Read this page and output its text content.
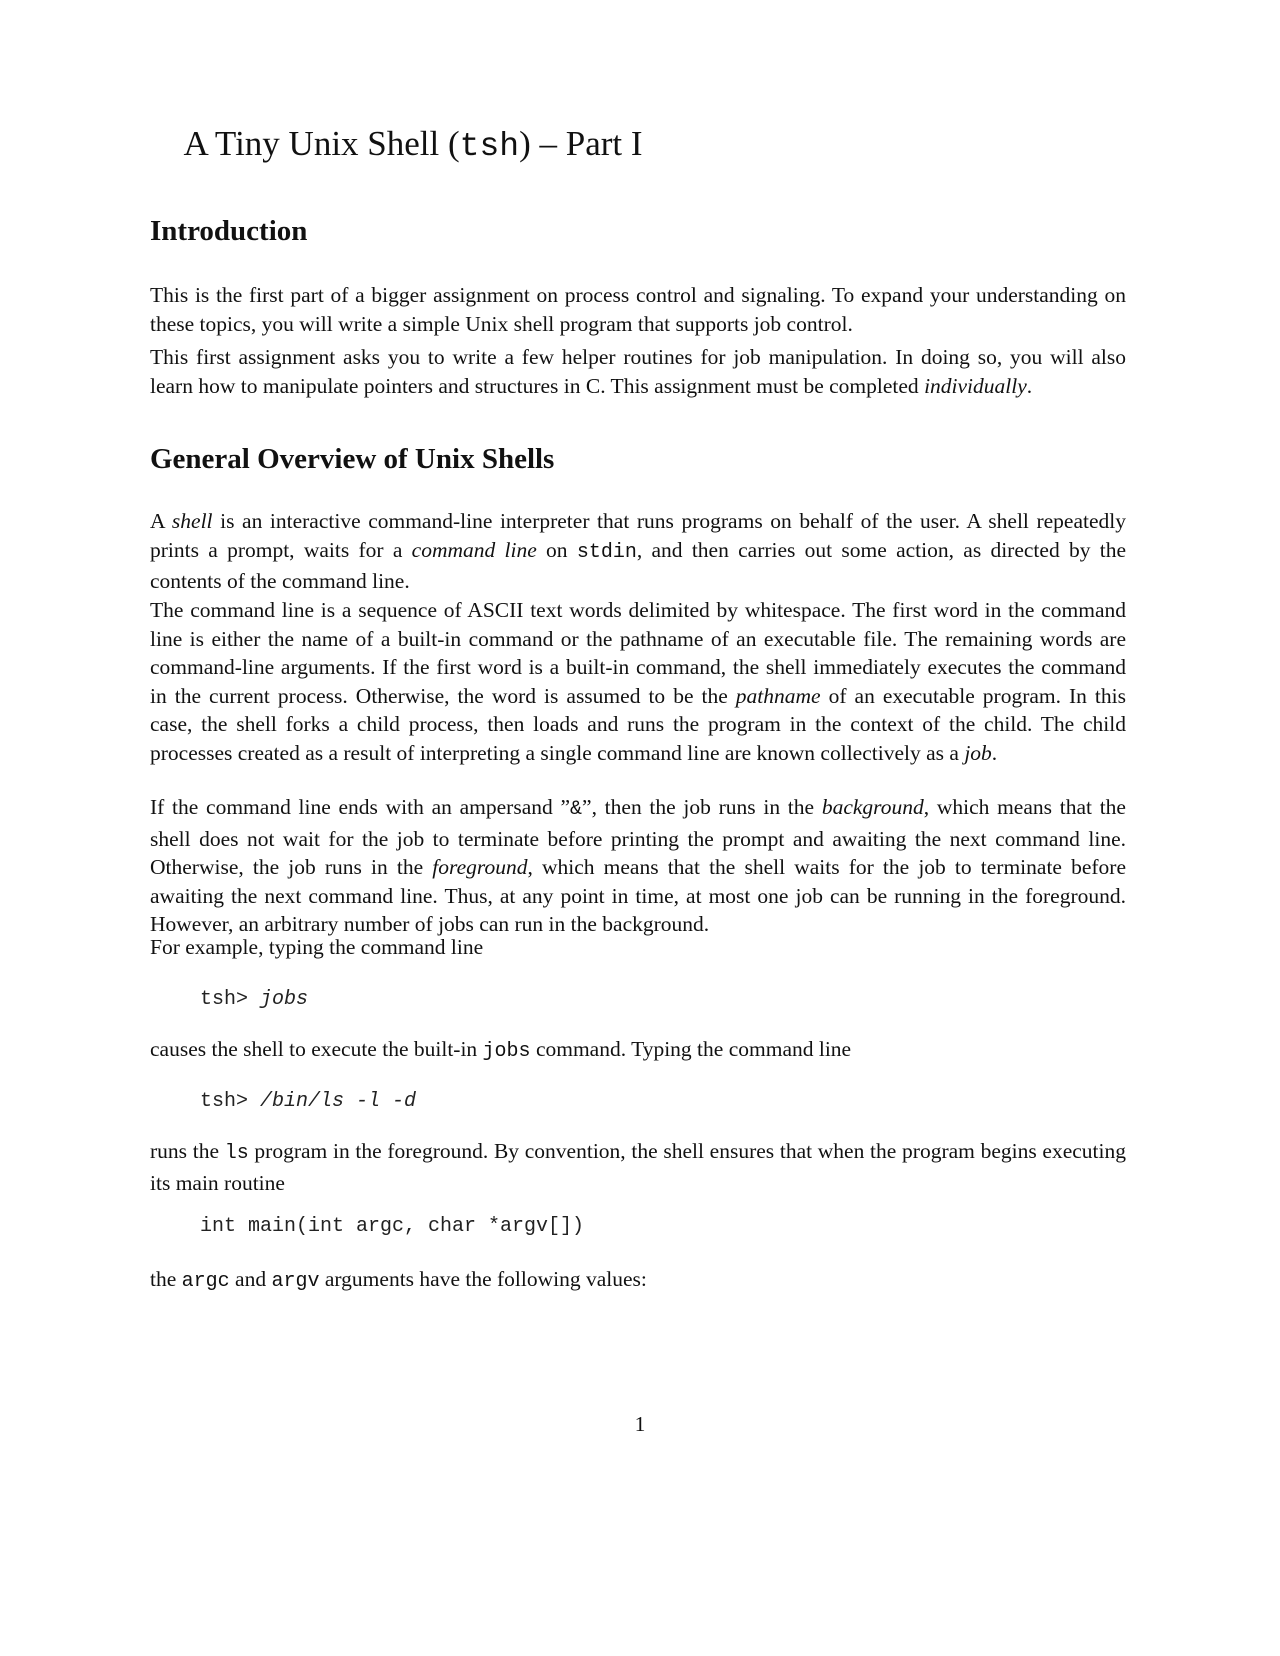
A Tiny Unix Shell (tsh) – Part I
Introduction

This is the first part of a bigger assignment on process control and signaling. To expand your understanding on these topics, you will write a simple Unix shell program that supports job control.

This first assignment asks you to write a few helper routines for job manipulation. In doing so, you will also learn how to manipulate pointers and structures in C. This assignment must be completed individually.

General Overview of Unix Shells

A shell is an interactive command-line interpreter that runs programs on behalf of the user. A shell repeatedly prints a prompt, waits for a command line on stdin, and then carries out some action, as directed by the contents of the command line.

The command line is a sequence of ASCII text words delimited by whitespace. The first word in the command line is either the name of a built-in command or the pathname of an executable file. The remaining words are command-line arguments. If the first word is a built-in command, the shell immediately executes the command in the current process. Otherwise, the word is assumed to be the pathname of an executable program. In this case, the shell forks a child process, then loads and runs the program in the context of the child. The child processes created as a result of interpreting a single command line are known collectively as a job.

If the command line ends with an ampersand ”&”, then the job runs in the background, which means that the shell does not wait for the job to terminate before printing the prompt and awaiting the next command line. Otherwise, the job runs in the foreground, which means that the shell waits for the job to terminate before awaiting the next command line. Thus, at any point in time, at most one job can be running in the foreground. However, an arbitrary number of jobs can run in the background.

For example, typing the command line

tsh> jobs

causes the shell to execute the built-in jobs command. Typing the command line

tsh> /bin/ls -l -d

runs the ls program in the foreground. By convention, the shell ensures that when the program begins executing its main routine

int main(int argc, char *argv[])

the argc and argv arguments have the following values:

1
